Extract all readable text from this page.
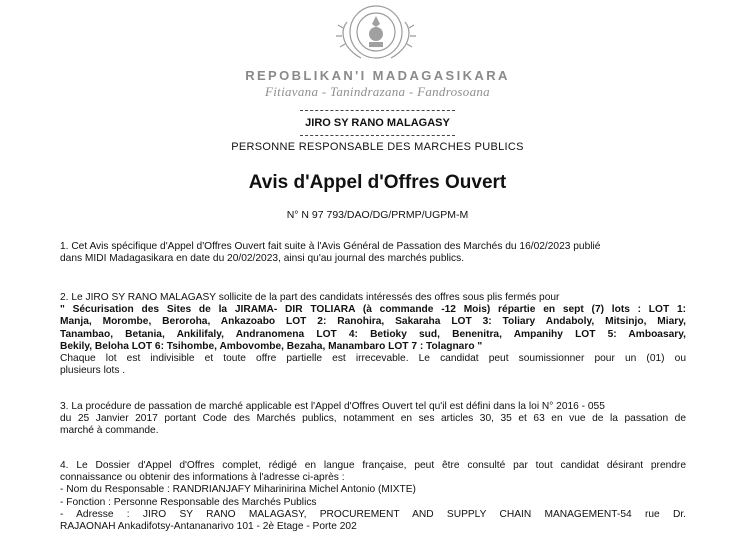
REPOBLIKAN'I MADAGASIKARA
Fitiavana - Tanindrazana - Fandrosoana
JIRO SY RANO MALAGASY
PERSONNE RESPONSABLE DES MARCHES PUBLICS
Avis d'Appel d'Offres Ouvert
N° N 97 793/DAO/DG/PRMP/UGPM-M
1. Cet Avis spécifique d'Appel d'Offres Ouvert fait suite à l'Avis Général de Passation des Marchés du 16/02/2023 publié
dans MIDI Madagasikara en date du 20/02/2023, ainsi qu'au journal des marchés publics.
2. Le JIRO SY RANO MALAGASY sollicite de la part des candidats intéressés des offres sous plis fermés pour
" Sécurisation des Sites de la JIRAMA- DIR TOLIARA (à commande -12 Mois) répartie en sept (7) lots : LOT 1:
Manja, Morombe, Beroroha, Ankazoabo LOT 2: Ranohira, Sakaraha LOT 3: Toliary Andaboly, Mitsinjo, Miary,
Tanambao, Betania, Ankilifaly, Andranomena LOT 4: Betioky sud, Benenitra, Ampanihy LOT 5: Amboasary,
Bekily, Beloha LOT 6: Tsihombe, Ambovombe, Bezaha, Manambaro LOT 7 : Tolagnaro "
Chaque lot est indivisible et toute offre partielle est irrecevable. Le candidat peut soumissionner pour un (01) ou
plusieurs lots .
3. La procédure de passation de marché applicable est l'Appel d'Offres Ouvert tel qu'il est défini dans la loi N° 2016 - 055
du 25 Janvier 2017 portant Code des Marchés publics, notamment en ses articles 30, 35 et 63 en vue de la passation de
marché à commande.
4. Le Dossier d'Appel d'Offres complet, rédigé en langue française, peut être consulté par tout candidat désirant prendre
connaissance ou obtenir des informations à l'adresse ci-après :
- Nom du Responsable : RANDRIANJAFY Miharinirina Michel Antonio (MIXTE)
- Fonction : Personne Responsable des Marchés Publics
- Adresse : JIRO SY RANO MALAGASY, PROCUREMENT AND SUPPLY CHAIN MANAGEMENT-54 rue Dr.
RAJAONAH Ankadifotsy-Antananarivo 101 - 2è Etage - Porte 202
